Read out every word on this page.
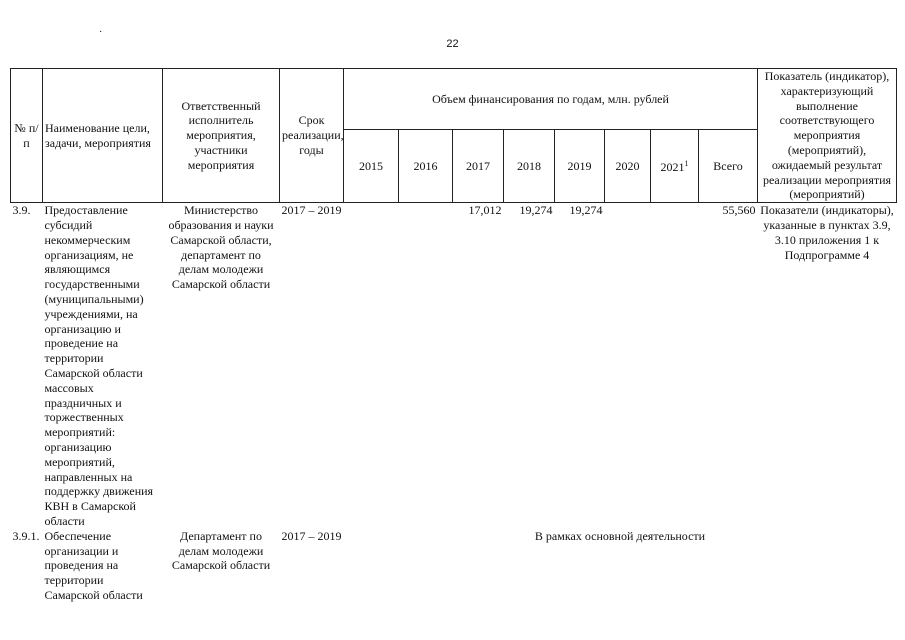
22
·
№ п/п	Наименование цели, задачи, мероприятия	Ответственный исполнитель мероприятия, участники мероприятия	Срок реализации, годы	Объем финансирования по годам, млн. рублей								Показатель (индикатор), характеризующий выполнение соответствующего мероприятия (мероприятий), ожидаемый результат реализации мероприятия (мероприятий)
				2015	2016	2017	2018	2019	2020	2021$^1$	Всего	
3.9.	Предоставление субсидий некоммерческим организациям, не являющимся государственными (муниципальными) учреждениями, на организацию и проведение на территории Самарской области массовых праздничных и торжественных мероприятий: организацию мероприятий, направленных на поддержку движения КВН в Самарской области	Министерство образования и науки Самарской области, департамент по делам молодежи Самарской области	2017 – 2019			17,012	19,274	19,274			55,560	Показатели (индикаторы), указанные в пунктах 3.9, 3.10 приложения 1 к Подпрограмме 4
3.9.1.	Обеспечение организации и проведения на территории Самарской области	Департамент по делам молодежи Самарской области	2017 – 2019	В рамках основной деятельности								
